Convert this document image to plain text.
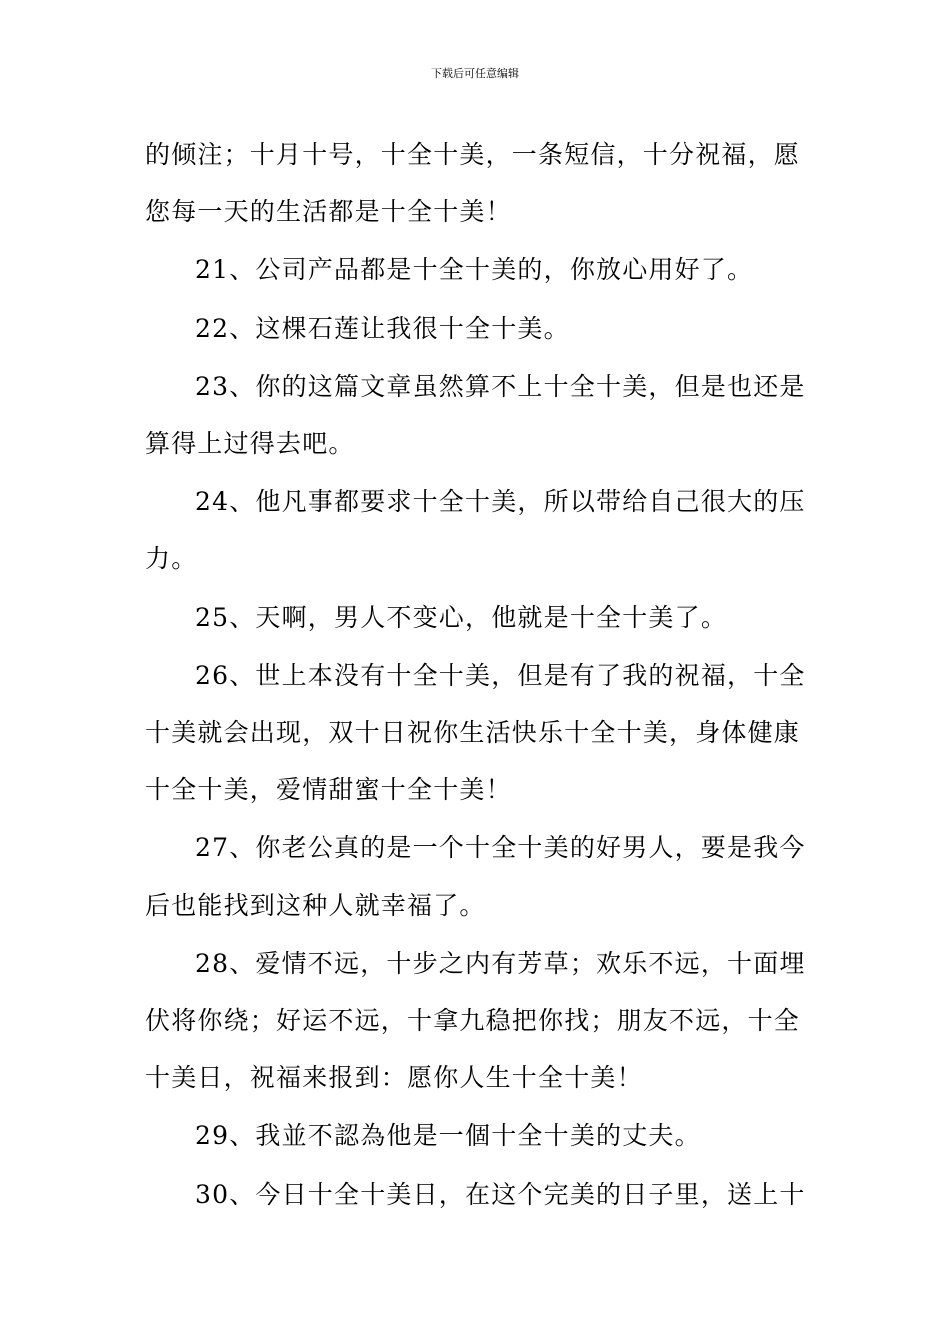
下载后可任意编辑

的倾注；十月十号，十全十美，一条短信，十分祝福，愿
您每一天的生活都是十全十美！

21、公司产品都是十全十美的，你放心用好了。

22、这棵石莲让我很十全十美。

23、你的这篇文章虽然算不上十全十美，但是也还是
算得上过得去吧。

24、他凡事都要求十全十美，所以带给自己很大的压
力。

25、天啊，男人不变心，他就是十全十美了。

26、世上本没有十全十美，但是有了我的祝福，十全
十美就会出现，双十日祝你生活快乐十全十美，身体健康
十全十美，爱情甜蜜十全十美！

27、你老公真的是一个十全十美的好男人，要是我今
后也能找到这种人就幸福了。

28、爱情不远，十步之内有芳草；欢乐不远，十面埋
伏将你绕；好运不远，十拿九稳把你找；朋友不远，十全
十美日，祝福来报到：愿你人生十全十美！

29、我並不認為他是一個十全十美的丈夫。

30、今日十全十美日，在这个完美的日子里，送上十
